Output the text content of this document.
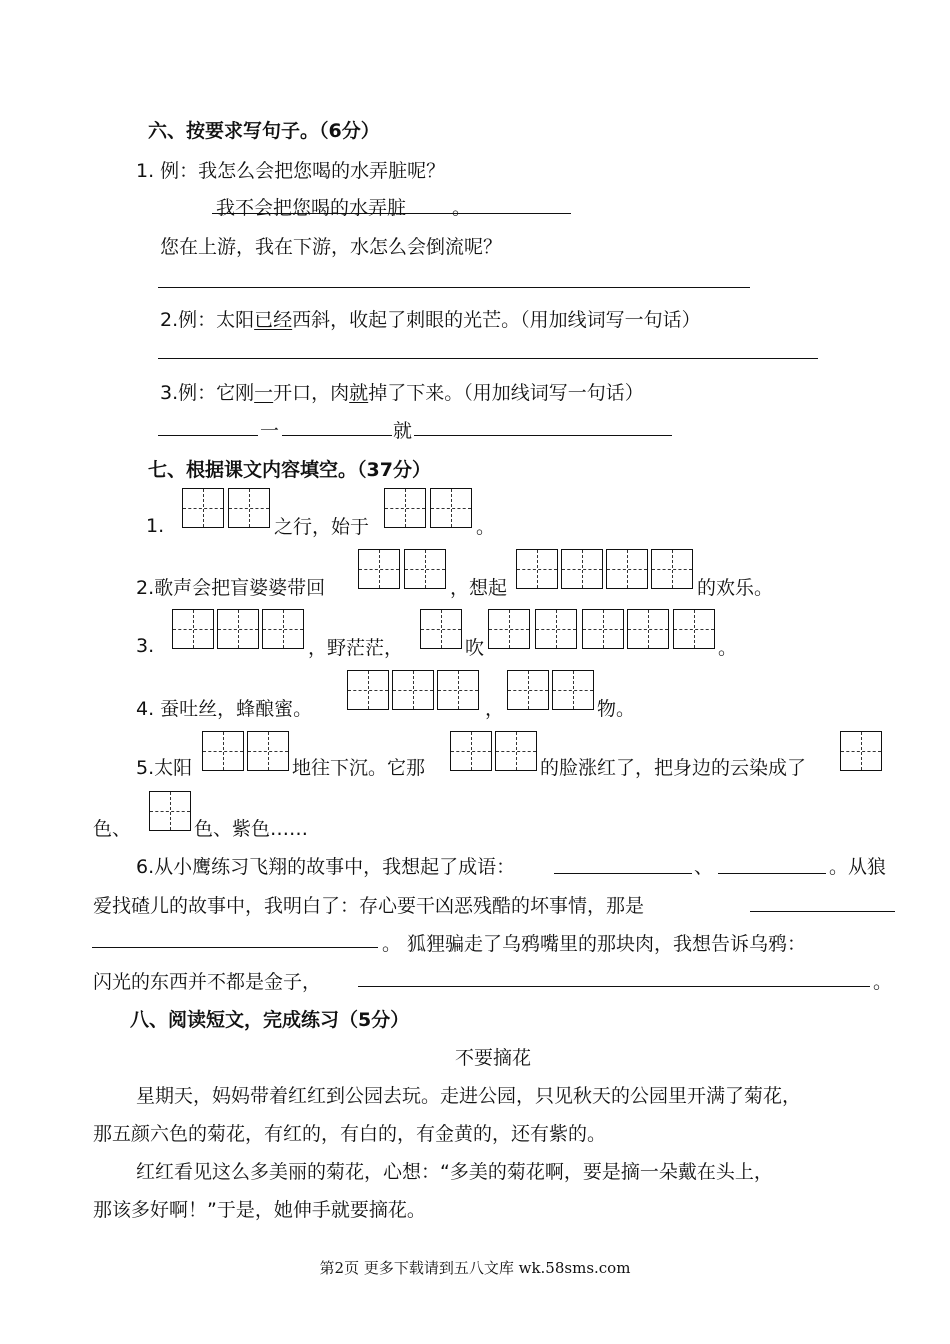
六、按要求写句子。（6分）
1. 例：我怎么会把您喝的水弄脏呢？
我不会把您喝的水弄脏 。
您在上游，我在下游，水怎么会倒流呢？
2.例：太阳已经西斜，收起了刺眼的光芒。（用加线词写一句话）
3.例：它刚一开口，肉就掉了下来。（用加线词写一句话）
一	就
七、根据课文内容填空。（37分）
1.	之行，始于	。
2.歌声会把盲婆婆带回	，想起	的欢乐。
3.	，野茫茫，	吹	。
4. 蚕吐丝，蜂酿蜜。	，	物。
5.太阳	地往下沉。它那	的脸涨红了，把身边的云染成了
色、	色、紫色……
6.从小鹰练习飞翔的故事中，我想起了成语：	、	。从狼
爱找碴儿的故事中，我明白了：存心要干凶恶残酷的坏事情，那是
。 狐狸骗走了乌鸦嘴里的那块肉，我想告诉乌鸦：
闪光的东西并不都是金子，	。
八、阅读短文，完成练习（5分）
不要摘花
星期天，妈妈带着红红到公园去玩。走进公园，只见秋天的公园里开满了菊花，
那五颜六色的菊花，有红的，有白的，有金黄的，还有紫的。
红红看见这么多美丽的菊花，心想：“多美的菊花啊，要是摘一朵戴在头上，
那该多好啊！”于是，她伸手就要摘花。
第2页 更多下载请到五八文库 wk.58sms.com
